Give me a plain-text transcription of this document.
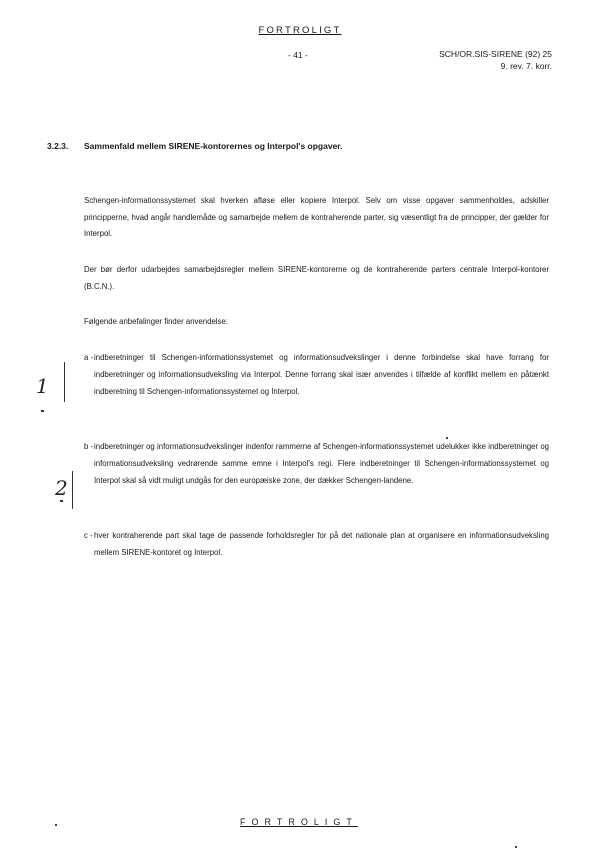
FORTROLIGT
- 41 -	SCH/OR.SIS-SIRENE (92) 25
9. rev. 7. korr.
3.2.3. Sammenfald mellem SIRENE-kontorernes og Interpol's opgaver.
Schengen-informationssystemet skal hverken afløse eller kopiere Interpol. Selv om visse opgaver sammenholdes, adskiller principperne, hvad angår handlemåde og samarbejde mellem de kontraherende parter, sig væsentligt fra de principper, der gælder for Interpol.
Der bør derfor udarbejdes samarbejdsregler mellem SIRENE-kontorerne og de kontraherende parters centrale Interpol-kontorer (B.C.N.).
Følgende anbefalinger finder anvendelse:
a - indberetninger til Schengen-informationssystemet og informationsudvekslinger i denne forbindelse skal have forrang for indberetninger og informationsudveksling via Interpol. Denne forrang skal især anvendes i tilfælde af konflikt mellem en påtænkt indberetning til Schengen-informationssystemet og Interpol.
b - indberetninger og informationsudvekslinger indenfor rammerne af Schengen-informationssystemet udelukker ikke indberetninger og informationsudveksling vedrørende samme emne i Interpol's regi. Flere indberetninger til Schengen-informationssystemet og Interpol skal så vidt muligt undgås for den europæiske zone, der dækker Schengen-landene.
c - hver kontraherende part skal tage de passende forholdsregler for på det nationale plan at organisere en informationsudveksling mellem SIRENE-kontoret og Interpol.
1
2
FORTROLIGT
